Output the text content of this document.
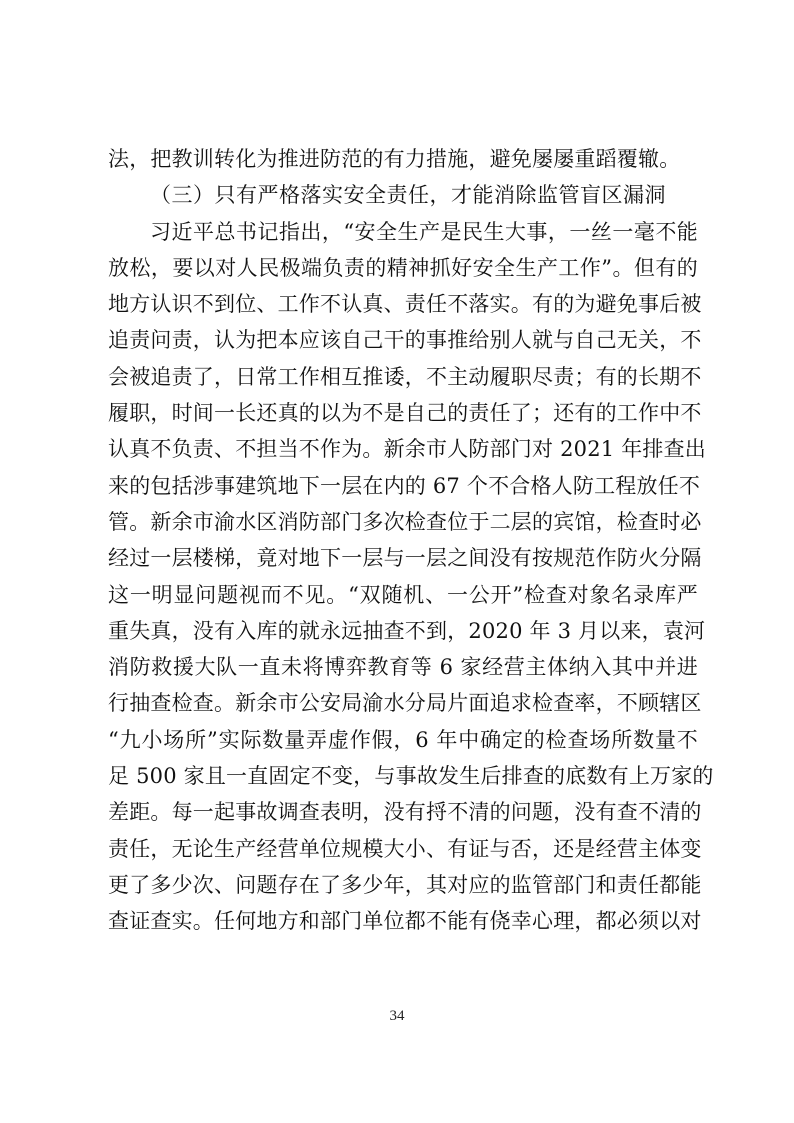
法，把教训转化为推进防范的有力措施，避免屡屡重蹈覆辙。
（三）只有严格落实安全责任，才能消除监管盲区漏洞
习近平总书记指出，“安全生产是民生大事，一丝一毫不能
放松，要以对人民极端负责的精神抓好安全生产工作”。但有的
地方认识不到位、工作不认真、责任不落实。有的为避免事后被
追责问责，认为把本应该自己干的事推给别人就与自己无关，不
会被追责了，日常工作相互推诿，不主动履职尽责；有的长期不
履职，时间一长还真的以为不是自己的责任了；还有的工作中不
认真不负责、不担当不作为。新余市人防部门对 2021 年排查出
来的包括涉事建筑地下一层在内的 67 个不合格人防工程放任不
管。新余市渝水区消防部门多次检查位于二层的宾馆，检查时必
经过一层楼梯，竟对地下一层与一层之间没有按规范作防火分隔
这一明显问题视而不见。“双随机、一公开”检查对象名录库严
重失真，没有入库的就永远抽查不到，2020 年 3 月以来，袁河
消防救援大队一直未将博弈教育等 6 家经营主体纳入其中并进
行抽查检查。新余市公安局渝水分局片面追求检查率，不顾辖区
“九小场所”实际数量弄虚作假，6 年中确定的检查场所数量不
足 500 家且一直固定不变，与事故发生后排查的底数有上万家的
差距。每一起事故调查表明，没有捋不清的问题，没有查不清的
责任，无论生产经营单位规模大小、有证与否，还是经营主体变
更了多少次、问题存在了多少年，其对应的监管部门和责任都能
查证查实。任何地方和部门单位都不能有侥幸心理，都必须以对
34
